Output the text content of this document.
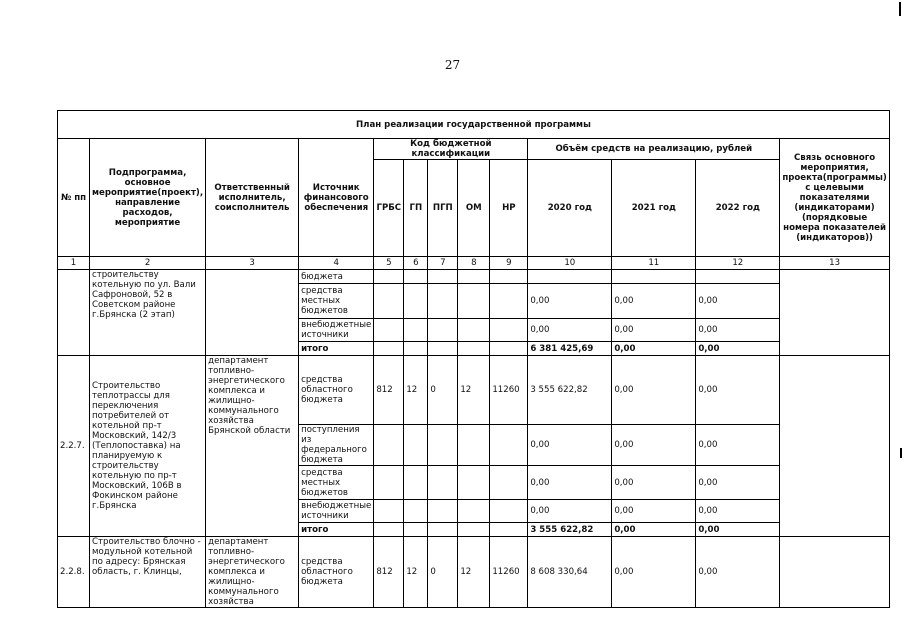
27
План реализации государственной программы												
№ пп	Подпрограмма, основное мероприятие(проект), направление расходов, мероприятие	Ответственный исполнитель, соисполнитель	Источник финансового обеспечения	Код бюджетной классификации					Объём средств на реализацию, рублей			Связь основного мероприятия, проекта(программы) с целевыми показателями (индикаторами) (порядковые номера показателей (индикаторов))
				ГРБС	ГП	ПГП	ОМ	НР	2020 год	2021 год	2022 год	
1	2	3	4	5	6	7	8	9	10	11	12	13
	строительству котельную по ул. Вали Сафроновой, 52 в Советском районе г.Брянска (2 этап)		бюджета									
			средства местных бюджетов						0,00	0,00	0,00	
			внебюджетные источники						0,00	0,00	0,00	
			итого						6 381 425,69	0,00	0,00	
2.2.7.	Строительство теплотрассы для переключения потребителей от котельной пр-т Московский, 142/3 (Теплопоставка) на планируемую к строительству котельную по пр-т Московский, 106В в Фокинском районе г.Брянска	департамент топливно-энергетического комплекса и жилищно-коммунального хозяйства Брянской области	средства областного бюджета	812	12	0	12	11260	3 555 622,82	0,00	0,00	
			поступления из федерального бюджета						0,00	0,00	0,00	
			средства местных бюджетов						0,00	0,00	0,00	
			внебюджетные источники						0,00	0,00	0,00	
			итого						3 555 622,82	0,00	0,00	
2.2.8.	Строительство блочно - модульной котельной по адресу: Брянская область, г. Клинцы,	департамент топливно-энергетического комплекса и жилищно-коммунального хозяйства	средства областного бюджета	812	12	0	12	11260	8 608 330,64	0,00	0,00	
